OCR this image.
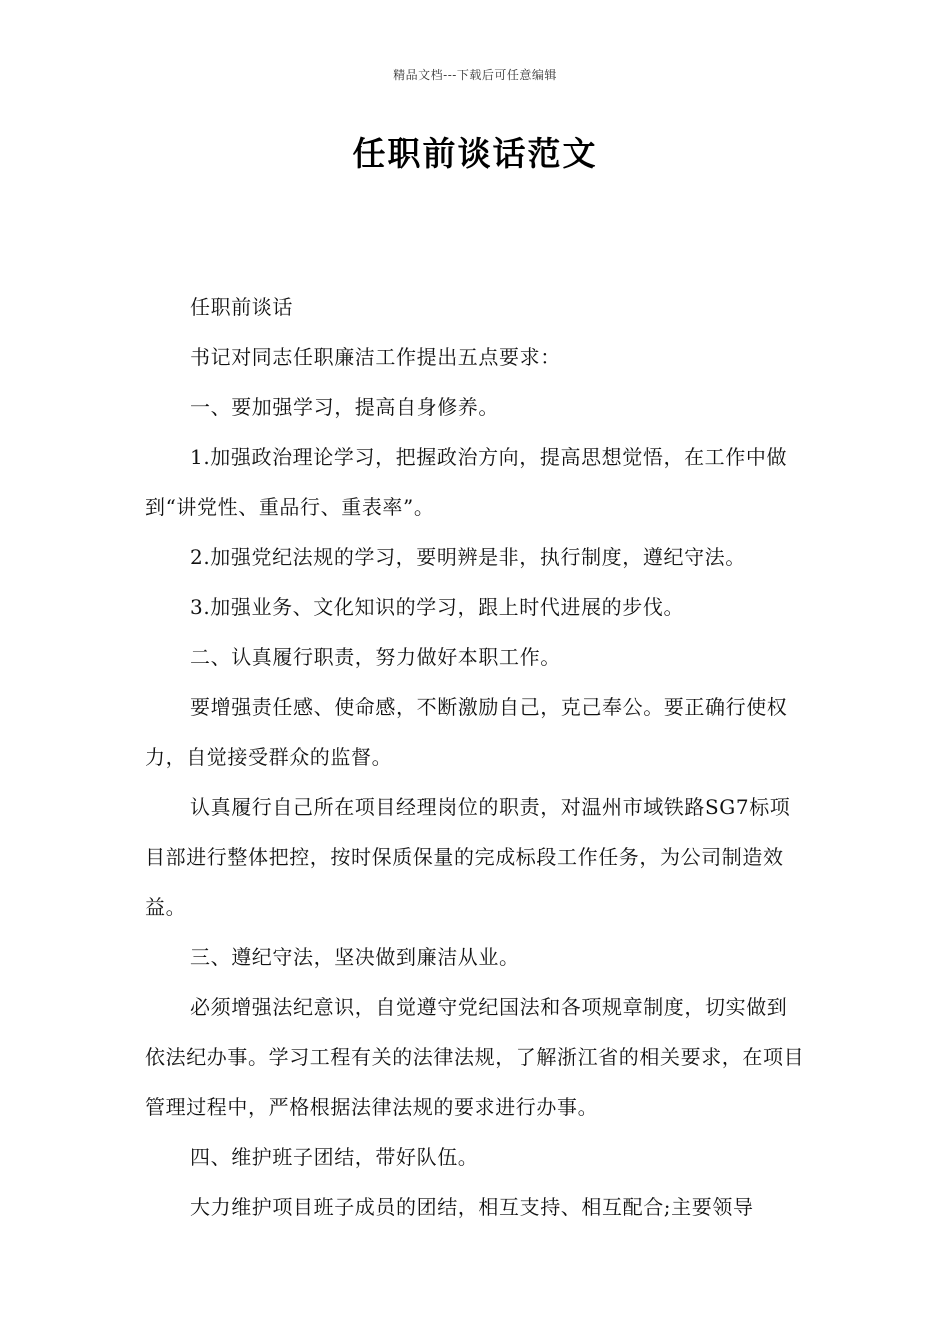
精品文档---下载后可任意编辑
任职前谈话范文

任职前谈话

书记对同志任职廉洁工作提出五点要求：

一、要加强学习，提高自身修养。

1.加强政治理论学习，把握政治方向，提高思想觉悟，在工作中做到“讲党性、重品行、重表率”。

2.加强党纪法规的学习，要明辨是非，执行制度，遵纪守法。

3.加强业务、文化知识的学习，跟上时代进展的步伐。

二、认真履行职责，努力做好本职工作。

要增强责任感、使命感，不断激励自己，克己奉公。要正确行使权力，自觉接受群众的监督。

认真履行自己所在项目经理岗位的职责，对温州市域铁路SG7标项目部进行整体把控，按时保质保量的完成标段工作任务，为公司制造效益。

三、遵纪守法，坚决做到廉洁从业。

必须增强法纪意识，自觉遵守党纪国法和各项规章制度，切实做到依法纪办事。学习工程有关的法律法规，了解浙江省的相关要求，在项目管理过程中，严格根据法律法规的要求进行办事。

四、维护班子团结，带好队伍。

大力维护项目班子成员的团结，相互支持、相互配合;主要领导
